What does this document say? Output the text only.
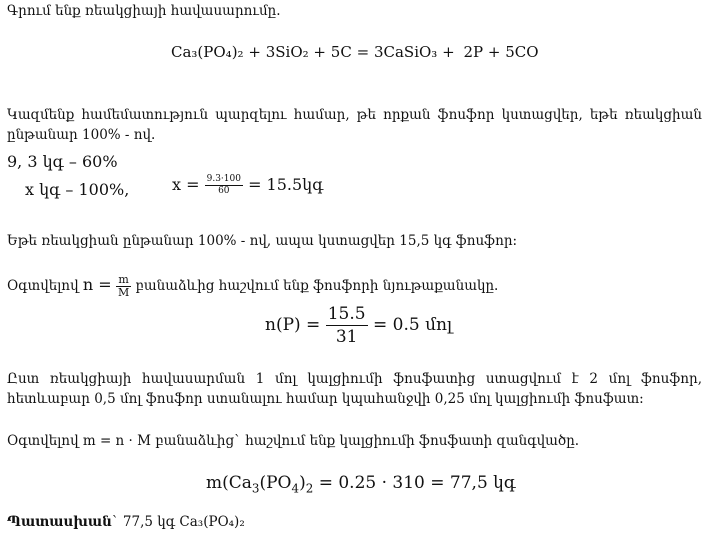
Գրում ենք ռեակցիայի հավասարումը.
Ca₃(PO₄)₂ + 3SiO₂ + 5C = 3CaSiO₃ + 2P + 5CO
Կազմենք համեմատություն պարզելու համար, թե որքան ֆոսֆոր կստացվեր, եթե ռեակցիան ընթանար 100% - ով.
9, 3 կգ – 60%
x կգ – 100%,	$x = \frac{9.3\cdot 100}{60}$ = 15.5կգ
Եթե ռեակցիան ընթանար 100% - ով, ապա կստացվեր 15,5 կգ ֆոսֆոր:
Օգտվելով $n = \frac{m}{M}$ բանաձևից հաշվում ենք ֆոսֆորի նյութաքանակը.
$n(P) = \frac{15.5}{31} = 0.5$ մոլ
Ըստ ռեակցիայի հավասարման 1 մոլ կալցիումի ֆոսֆատից ստացվում է 2 մոլ ֆոսֆոր, հետևաբար 0,5 մոլ ֆոսֆոր ստանալու համար կպահանջվի 0,25 մոլ կալցիումի ֆոսֆատ:
Օգտվելով m = n · M բանաձևից` հաշվում ենք կալցիումի ֆոսֆատի զանգվածը.
$m(Ca_3(PO_4)_2 = 0.25 \cdot 310 = 77,5$ կգ
Պատասխան` 77,5 կգ Ca₃(PO₄)₂
